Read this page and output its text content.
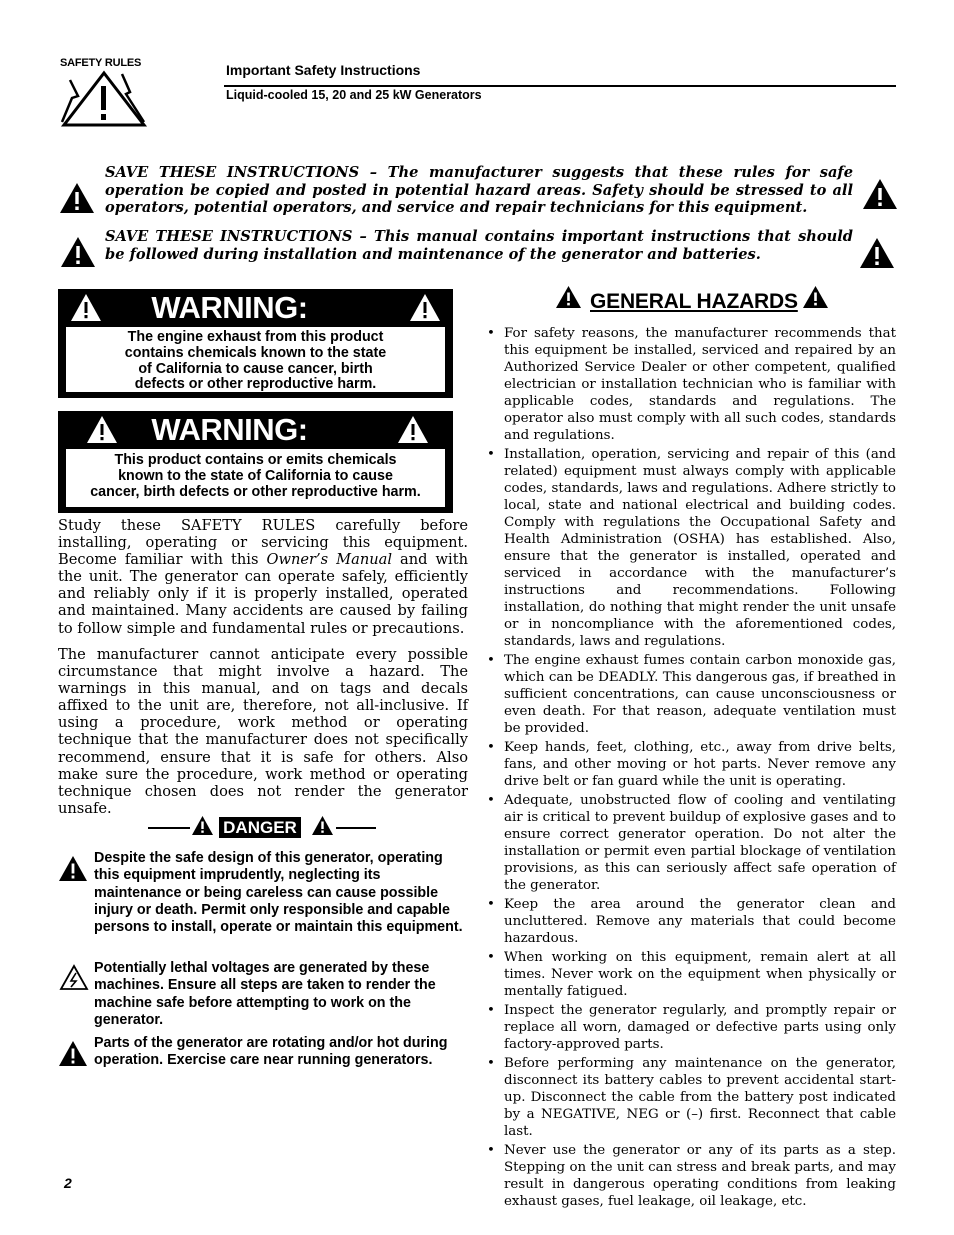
SAFETY RULES	Important Safety Instructions
Liquid-cooled 15, 20 and 25 kW Generators
SAVE THESE INSTRUCTIONS – The manufacturer suggests that these rules for safe operation be copied and posted in potential hazard areas. Safety should be stressed to all operators, potential operators, and service and repair technicians for this equipment.
SAVE THESE INSTRUCTIONS – This manual contains important instructions that should be followed during installation and maintenance of the generator and batteries.
WARNING:
The engine exhaust from this product
contains chemicals known to the state
of California to cause cancer, birth
defects or other reproductive harm.
WARNING:
This product contains or emits chemicals
known to the state of California to cause
cancer, birth defects or other reproductive harm.
Study these SAFETY RULES carefully before installing, operating or servicing this equipment. Become familiar with this Owner’s Manual and with the unit. The generator can operate safely, efficiently and reliably only if it is properly installed, operated and maintained. Many accidents are caused by failing to follow simple and fundamental rules or precautions.
The manufacturer cannot anticipate every possible circumstance that might involve a hazard. The warnings in this manual, and on tags and decals affixed to the unit are, therefore, not all-inclusive. If using a procedure, work method or operating technique that the manufacturer does not specifically recommend, ensure that it is safe for others. Also make sure the procedure, work method or operating technique chosen does not render the generator unsafe.
DANGER
Despite the safe design of this generator, operating this equipment imprudently, neglecting its maintenance or being careless can cause possible injury or death. Permit only responsible and capable persons to install, operate or maintain this equipment.
Potentially lethal voltages are generated by these machines. Ensure all steps are taken to render the machine safe before attempting to work on the generator.
Parts of the generator are rotating and/or hot during operation. Exercise care near running generators.
GENERAL HAZARDS
• For safety reasons, the manufacturer recommends that this equipment be installed, serviced and repaired by an Authorized Service Dealer or other competent, qualified electrician or installation technician who is familiar with applicable codes, standards and regulations. The operator also must comply with all such codes, standards and regulations.
• Installation, operation, servicing and repair of this (and related) equipment must always comply with applicable codes, standards, laws and regulations. Adhere strictly to local, state and national electrical and building codes. Comply with regulations the Occupational Safety and Health Administration (OSHA) has established. Also, ensure that the generator is installed, operated and serviced in accordance with the manufacturer’s instructions and recommendations. Following installation, do nothing that might render the unit unsafe or in noncompliance with the aforementioned codes, standards, laws and regulations.
• The engine exhaust fumes contain carbon monoxide gas, which can be DEADLY. This dangerous gas, if breathed in sufficient concentrations, can cause unconsciousness or even death. For that reason, adequate ventilation must be provided.
• Keep hands, feet, clothing, etc., away from drive belts, fans, and other moving or hot parts. Never remove any drive belt or fan guard while the unit is operating.
• Adequate, unobstructed flow of cooling and ventilating air is critical to prevent buildup of explosive gases and to ensure correct generator operation. Do not alter the installation or permit even partial blockage of ventilation provisions, as this can seriously affect safe operation of the generator.
• Keep the area around the generator clean and uncluttered. Remove any materials that could become hazardous.
• When working on this equipment, remain alert at all times. Never work on the equipment when physically or mentally fatigued.
• Inspect the generator regularly, and promptly repair or replace all worn, damaged or defective parts using only factory-approved parts.
• Before performing any maintenance on the generator, disconnect its battery cables to prevent accidental start-up. Disconnect the cable from the battery post indicated by a NEGATIVE, NEG or (–) first. Reconnect that cable last.
• Never use the generator or any of its parts as a step. Stepping on the unit can stress and break parts, and may result in dangerous operating conditions from leaking exhaust gases, fuel leakage, oil leakage, etc.
2
